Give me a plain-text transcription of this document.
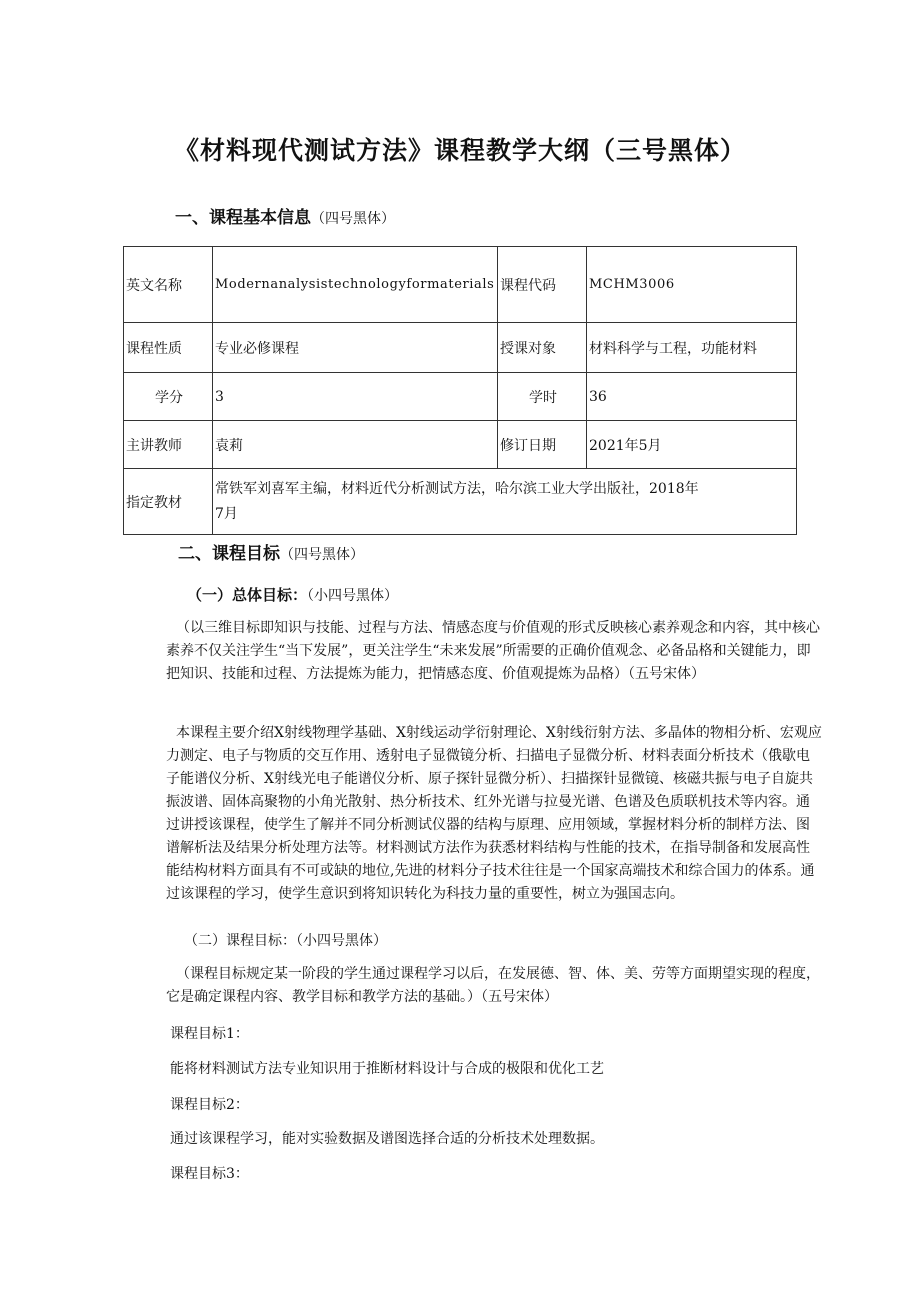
《材料现代测试方法》课程教学大纲（三号黑体）
一、课程基本信息（四号黑体）
英文名称	Modernanalysistechnologyformaterials	课程代码	MCHM3006
课程性质	专业必修课程	授课对象	材料科学与工程，功能材料
学分	3	学时	36
主讲教师	袁莉	修订日期	2021年5月
指定教材	常铁军刘喜军主编，材料近代分析测试方法，哈尔滨工业大学出版社，2018年
7月		
二、课程目标（四号黑体）
（一）总体目标：（小四号黑体）
（以三维目标即知识与技能、过程与方法、情感态度与价值观的形式反映核心素养观念和内容，其中核心素养不仅关注学生“当下发展”，更关注学生“未来发展”所需要的正确价值观念、必备品格和关键能力，即把知识、技能和过程、方法提炼为能力，把情感态度、价值观提炼为品格）（五号宋体）
本课程主要介绍X射线物理学基础、X射线运动学衍射理论、X射线衍射方法、多晶体的物相分析、宏观应力测定、电子与物质的交互作用、透射电子显微镜分析、扫描电子显微分析、材料表面分析技术（俄歇电子能谱仪分析、X射线光电子能谱仪分析、原子探针显微分析）、扫描探针显微镜、核磁共振与电子自旋共振波谱、固体高聚物的小角光散射、热分析技术、红外光谱与拉曼光谱、色谱及色质联机技术等内容。通过讲授该课程，使学生了解并不同分析测试仪器的结构与原理、应用领域，掌握材料分析的制样方法、图谱解析法及结果分析处理方法等。材料测试方法作为获悉材料结构与性能的技术，在指导制备和发展高性能结构材料方面具有不可或缺的地位,先进的材料分子技术往往是一个国家高端技术和综合国力的体系。通过该课程的学习，使学生意识到将知识转化为科技力量的重要性，树立为强国志向。
（二）课程目标：（小四号黑体）
（课程目标规定某一阶段的学生通过课程学习以后，在发展德、智、体、美、劳等方面期望实现的程度，它是确定课程内容、教学目标和教学方法的基础。）（五号宋体）
课程目标1：
能将材料测试方法专业知识用于推断材料设计与合成的极限和优化工艺
课程目标2：
通过该课程学习，能对实验数据及谱图选择合适的分析技术处理数据。
课程目标3：
